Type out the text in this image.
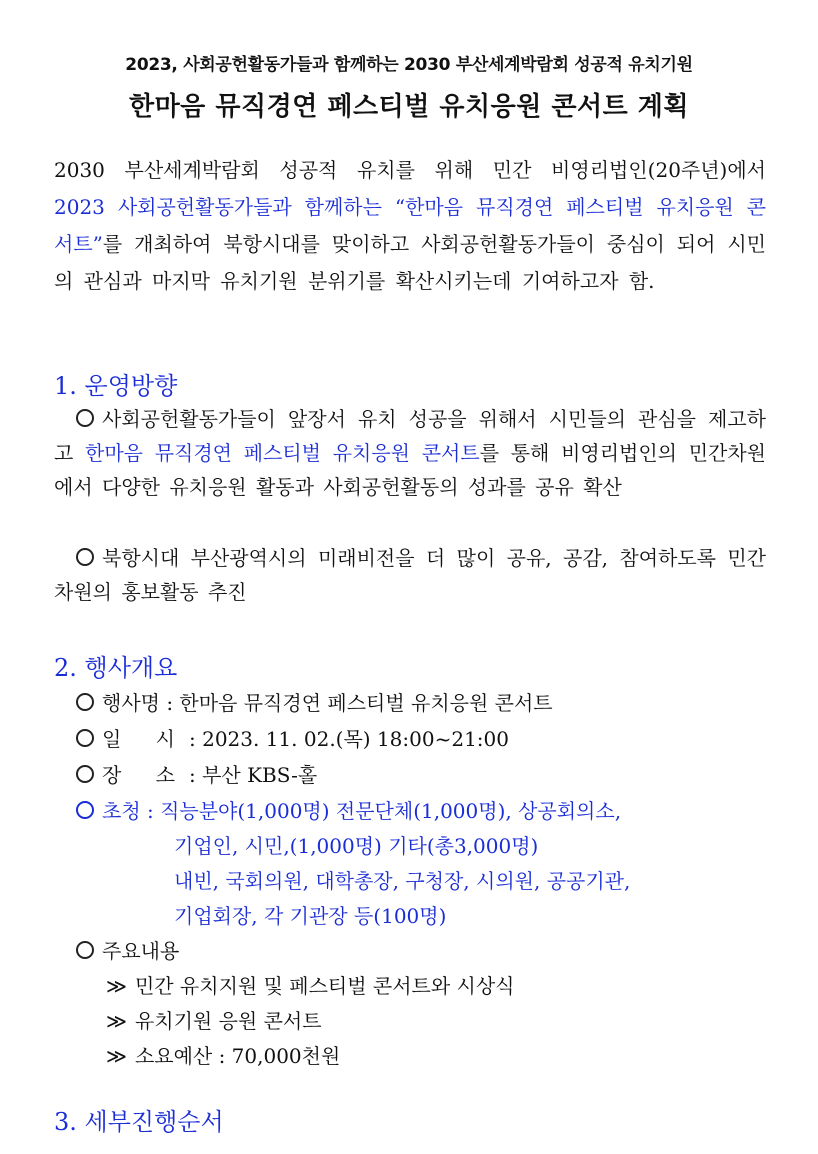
2023, 사회공헌활동가들과 함께하는 2030 부산세계박람회 성공적 유치기원
한마음 뮤직경연 페스티벌 유치응원 콘서트 계획
2030 부산세계박람회 성공적 유치를 위해 민간 비영리법인(20주년)에서 2023 사회공헌활동가들과 함께하는 “한마음 뮤직경연 페스티벌 유치응원 콘서트”를 개최하여 북항시대를 맞이하고 사회공헌활동가들이 중심이 되어 시민의 관심과 마지막 유치기원 분위기를 확산시키는데 기여하고자 함.
1. 운영방향
사회공헌활동가들이 앞장서 유치 성공을 위해서 시민들의 관심을 제고하고 한마음 뮤직경연 페스티벌 유치응원 콘서트를 통해 비영리법인의 민간차원에서 다양한 유치응원 활동과 사회공헌활동의 성과를 공유 확산
북항시대 부산광역시의 미래비전을 더 많이 공유, 공감, 참여하도록 민간차원의 홍보활동 추진
2. 행사개요
행사명 : 한마음 뮤직경연 페스티벌 유치응원 콘서트
일 시: 2023. 11. 02.(목) 18:00~21:00
장 소: 부산 KBS-홀
초청 : 직능분야(1,000명) 전문단체(1,000명), 상공회의소,
기업인, 시민,(1,000명) 기타(총3,000명)
내빈, 국회의원, 대학총장, 구청장, 시의원, 공공기관,
기업회장, 각 기관장 등(100명)
주요내용
≫ 민간 유치지원 및 페스티벌 콘서트와 시상식
≫ 유치기원 응원 콘서트
≫ 소요예산 : 70,000천원
3. 세부진행순서
